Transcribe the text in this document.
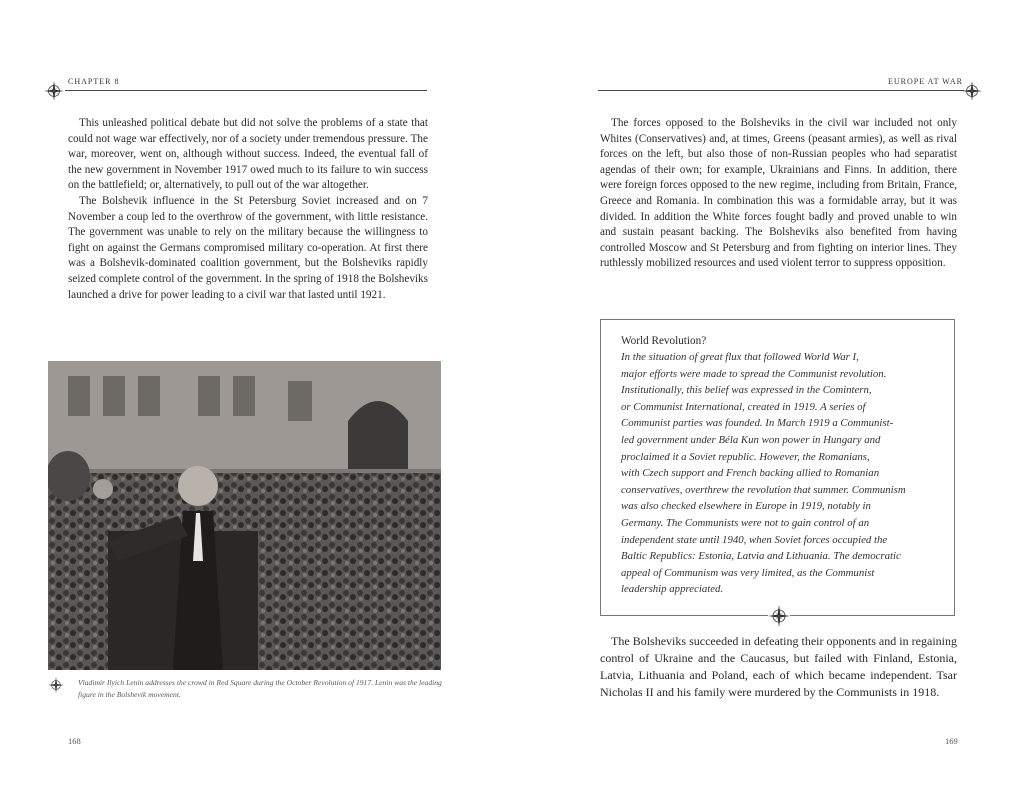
CHAPTER 8

This unleashed political debate but did not solve the problems of a state that could not wage war effectively, nor of a society under tremendous pressure. The war, moreover, went on, although without success. Indeed, the eventual fall of the new government in November 1917 owed much to its failure to win success on the battlefield; or, alternatively, to pull out of the war altogether.

The Bolshevik influence in the St Petersburg Soviet increased and on 7 November a coup led to the overthrow of the government, with little resistance. The government was unable to rely on the military because the willingness to fight on against the Germans compromised military co-operation. At first there was a Bolshevik-dominated coalition government, but the Bolsheviks rapidly seized complete control of the government. In the spring of 1918 the Bolsheviks launched a drive for power leading to a civil war that lasted until 1921.

Vladimir Ilyich Lenin addresses the crowd in Red Square during the October Revolution of 1917. Lenin was the leading figure in the Bolshevik movement.
168
EUROPE AT WAR

The forces opposed to the Bolsheviks in the civil war included not only Whites (Conservatives) and, at times, Greens (peasant armies), as well as rival forces on the left, but also those of non-Russian peoples who had separatist agendas of their own; for example, Ukrainians and Finns. In addition, there were foreign forces opposed to the new regime, including from Britain, France, Greece and Romania. In combination this was a formidable array, but it was divided. In addition the White forces fought badly and proved unable to win and sustain peasant backing. The Bolsheviks also benefited from having controlled Moscow and St Petersburg and from fighting on interior lines. They ruthlessly mobilized resources and used violent terror to suppress opposition.

World Revolution?

In the situation of great flux that followed World War I,
major efforts were made to spread the Communist revolution.
Institutionally, this belief was expressed in the Comintern,
or Communist International, created in 1919. A series of
Communist parties was founded. In March 1919 a Communist-
led government under Béla Kun won power in Hungary and
proclaimed it a Soviet republic. However, the Romanians,
with Czech support and French backing allied to Romanian
conservatives, overthrew the revolution that summer. Communism
was also checked elsewhere in Europe in 1919, notably in
Germany. The Communists were not to gain control of an
independent state until 1940, when Soviet forces occupied the
Baltic Republics: Estonia, Latvia and Lithuania. The democratic
appeal of Communism was very limited, as the Communist
leadership appreciated.

The Bolsheviks succeeded in defeating their opponents and in regaining control of Ukraine and the Caucasus, but failed with Finland, Estonia, Latvia, Lithuania and Poland, each of which became independent. Tsar Nicholas II and his family were murdered by the Communists in 1918.

169
